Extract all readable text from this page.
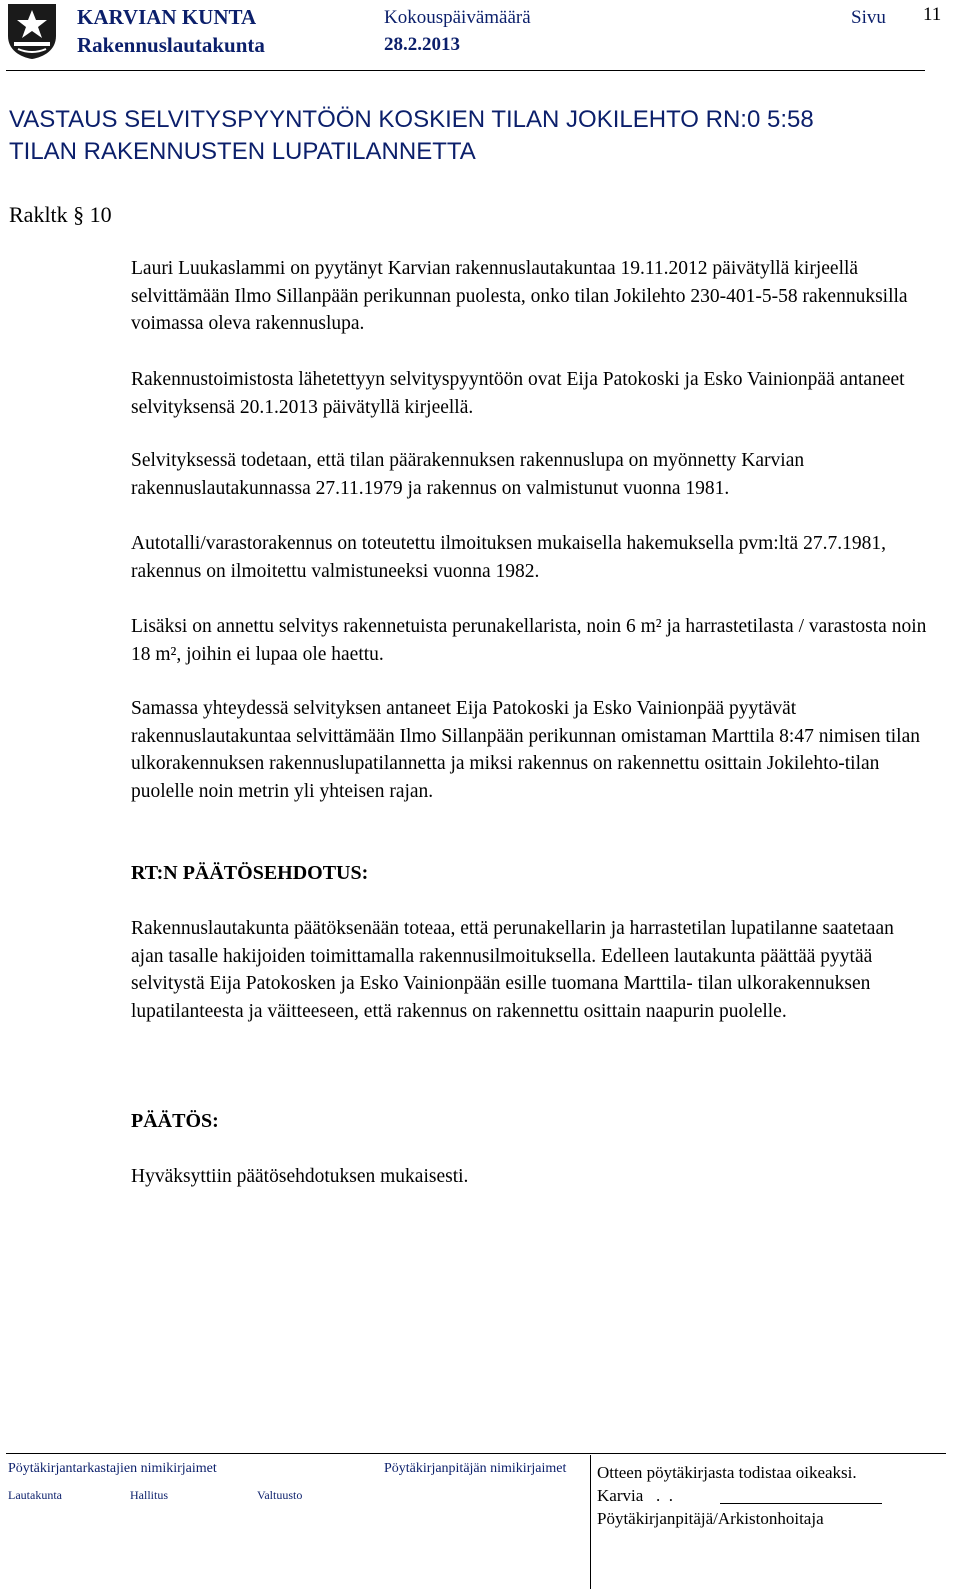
KARVIAN KUNTA
Rakennuslautakunta
Kokouspäivämäärä
28.2.2013
Sivu 11
VASTAUS SELVITYSPYYNTÖÖN KOSKIEN TILAN JOKILEHTO RN:0 5:58
TILAN RAKENNUSTEN LUPATILANNETTA
Rakltk § 10
Lauri Luukaslammi on pyytänyt Karvian rakennuslautakuntaa 19.11.2012 päivätyllä kirjeellä selvittämään Ilmo Sillanpään perikunnan puolesta, onko tilan Jokilehto 230-401-5-58 rakennuksilla voimassa oleva rakennuslupa.
Rakennustoimistosta lähetettyyn selvityspyyntöön ovat Eija Patokoski ja Esko Vainionpää antaneet selvityksensä 20.1.2013 päivätyllä kirjeellä.
Selvityksessä todetaan, että tilan päärakennuksen rakennuslupa on myönnetty Karvian rakennuslautakunnassa 27.11.1979 ja rakennus on valmistunut vuonna 1981.
Autotalli/varastorakennus on toteutettu ilmoituksen mukaisella hakemuksella pvm:ltä 27.7.1981, rakennus on ilmoitettu valmistuneeksi vuonna 1982.
Lisäksi on annettu selvitys rakennetuista perunakellarista, noin 6 m² ja harrastetilasta / varastosta noin 18 m², joihin ei lupaa ole haettu.
Samassa yhteydessä selvityksen antaneet Eija Patokoski ja Esko Vainionpää pyytävät rakennuslautakuntaa selvittämään Ilmo Sillanpään perikunnan omistaman Marttila 8:47 nimisen tilan ulkorakennuksen rakennuslupatilannetta ja miksi rakennus on rakennettu osittain Jokilehto-tilan puolelle noin metrin yli yhteisen rajan.
RT:N PÄÄTÖSEHDOTUS:
Rakennuslautakunta päätöksenään toteaa, että perunakellarin ja harrastetilan lupatilanne saatetaan ajan tasalle hakijoiden toimittamalla rakennusilmoituksella. Edelleen lautakunta päättää pyytää selvitystä Eija Patokosken ja Esko Vainionpään esille tuomana Marttila- tilan ulkorakennuksen lupatilanteesta ja väitteeseen, että rakennus on rakennettu osittain naapurin puolelle.
PÄÄTÖS:
Hyväksyttiin päätösehdotuksen mukaisesti.
Pöytäkirjantarkastajien nimikirjaimet	Pöytäkirjanpitäjän nimikirjaimet
Lautakunta	Hallitus	Valtuusto
Otteen pöytäkirjasta todistaa oikeaksi.
Karvia   .  .
Pöytäkirjanpitäjä/Arkistonhoitaja
